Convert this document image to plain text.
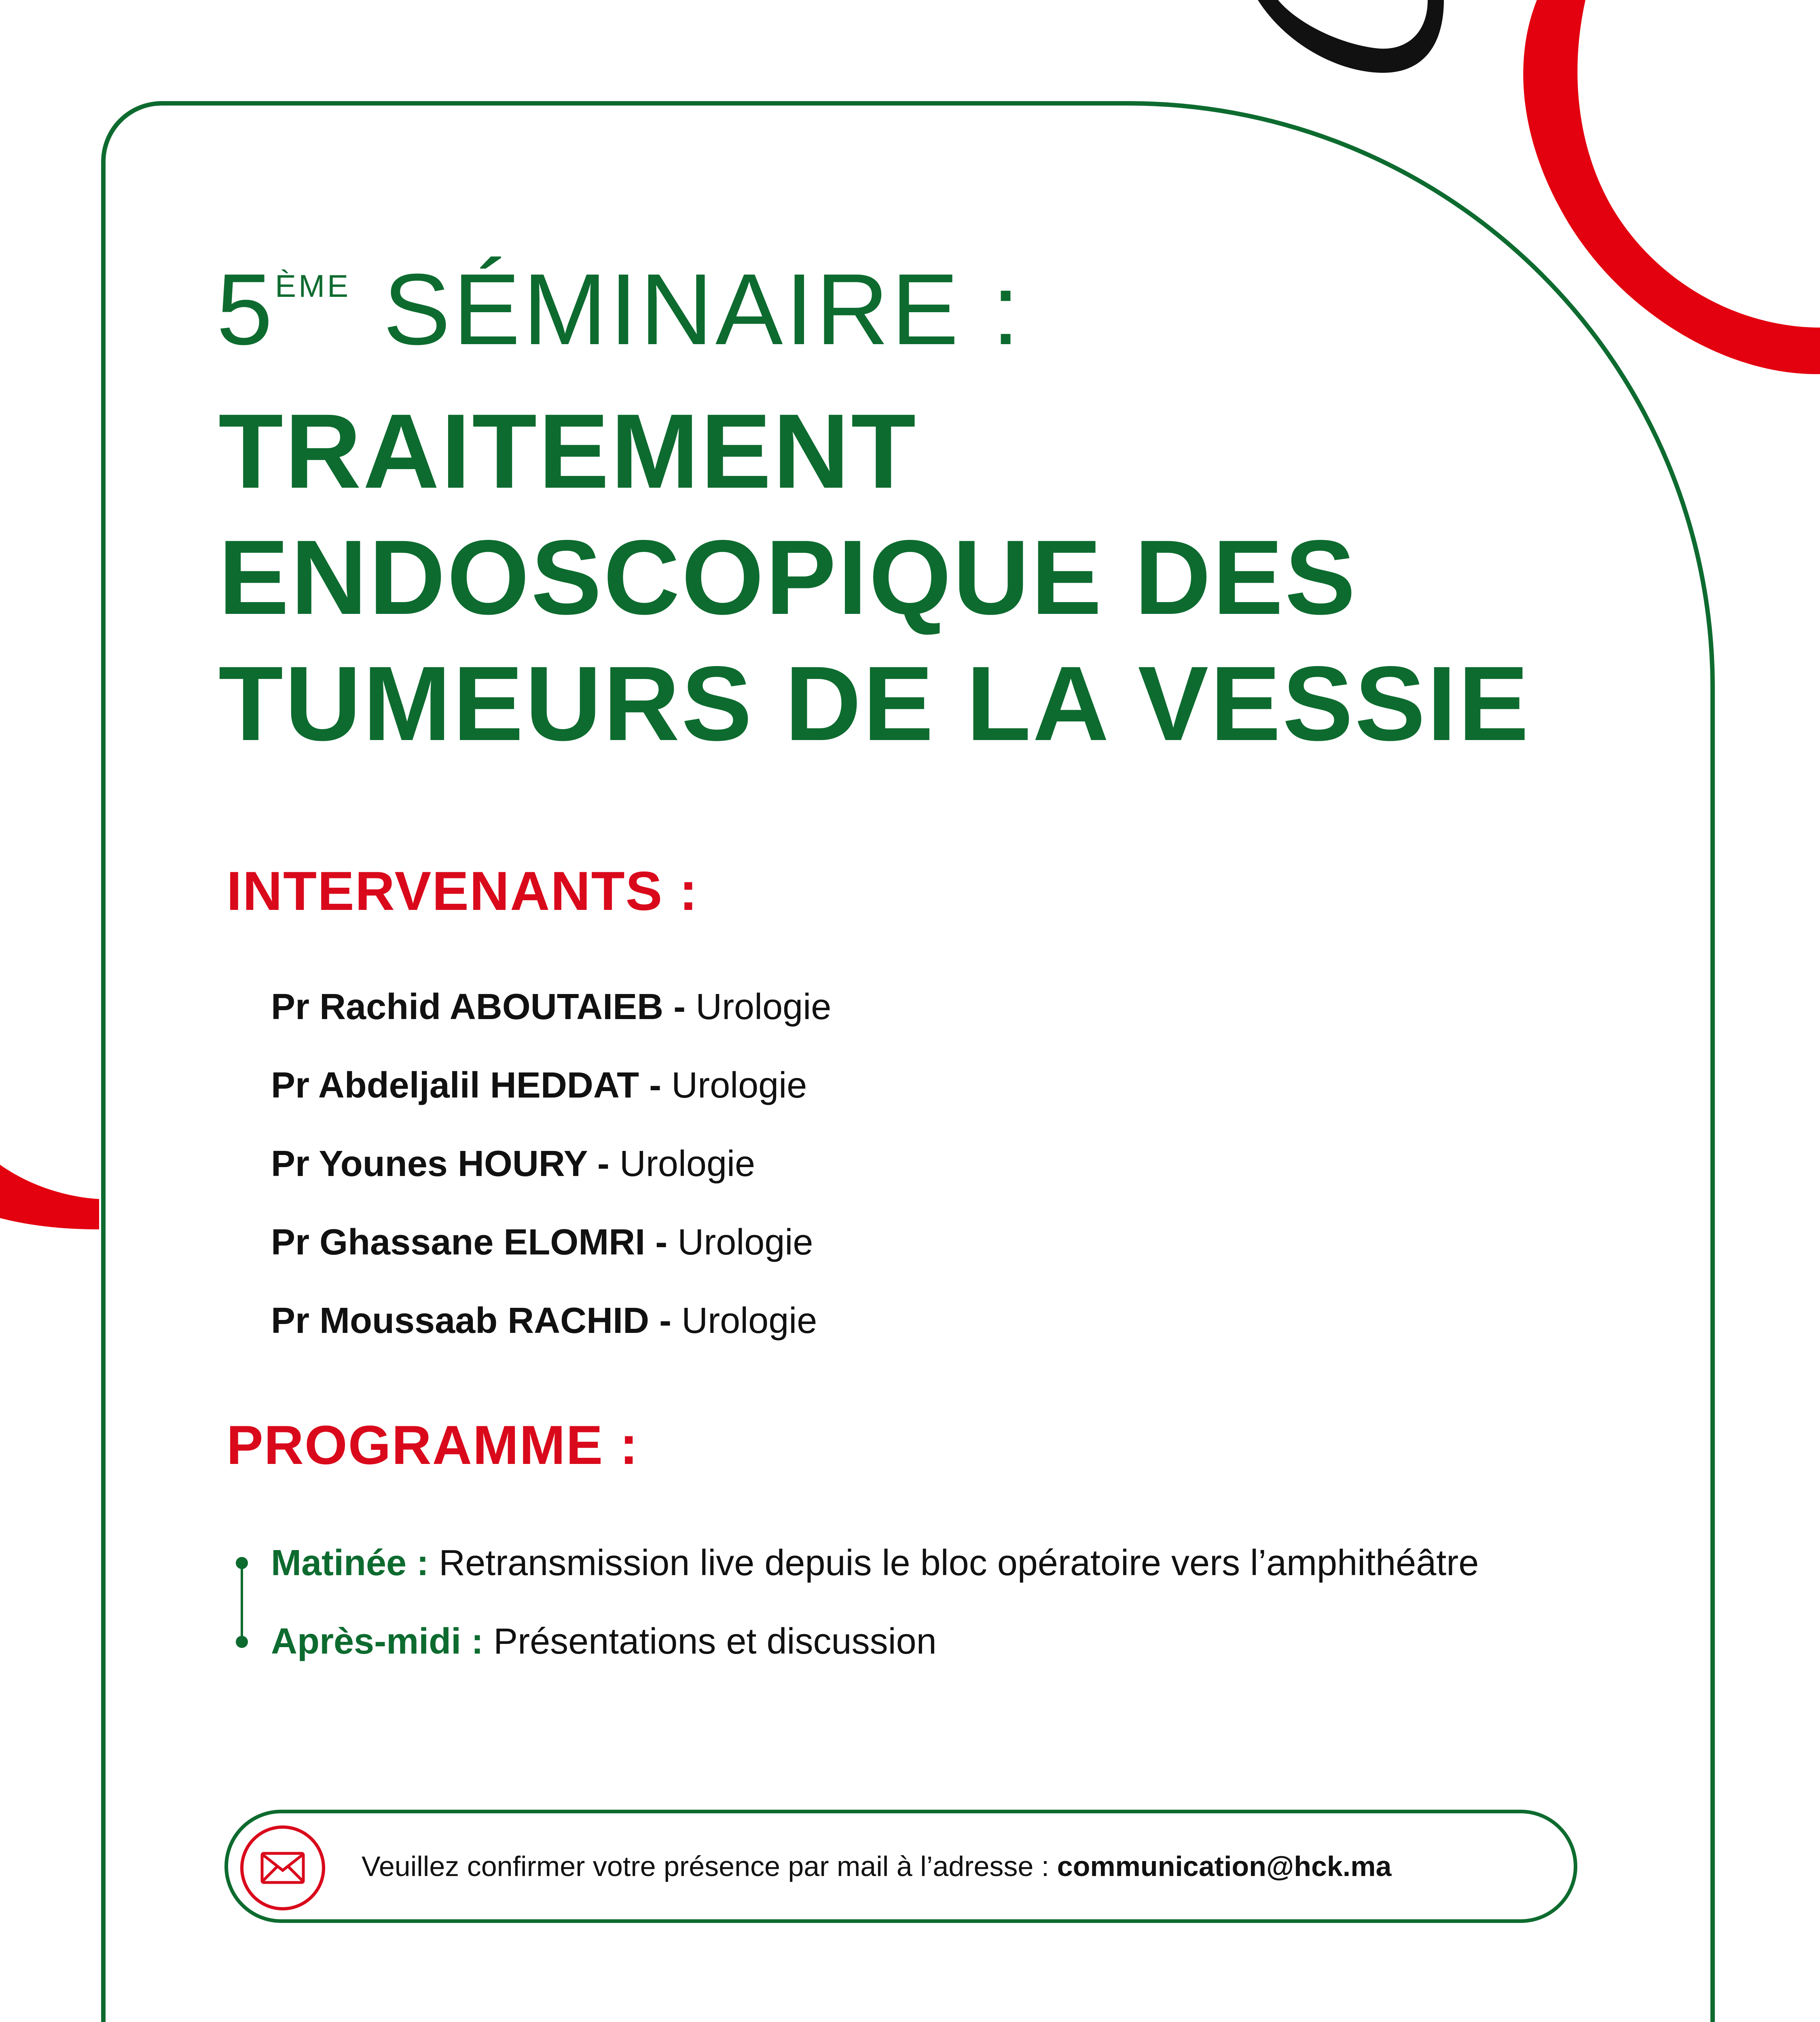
5ÈME SÉMINAIRE :
TRAITEMENT
ENDOSCOPIQUE DES
TUMEURS DE LA VESSIE
INTERVENANTS :
Pr Rachid ABOUTAIEB - Urologie
Pr Abdeljalil HEDDAT - Urologie
Pr Younes HOURY - Urologie
Pr Ghassane ELOMRI - Urologie
Pr Moussaab RACHID - Urologie
PROGRAMME :
Matinée : Retransmission live depuis le bloc opératoire vers l’amphithéâtre
Après-midi : Présentations et discussion
Veuillez confirmer votre présence par mail à l’adresse : communication@hck.ma
